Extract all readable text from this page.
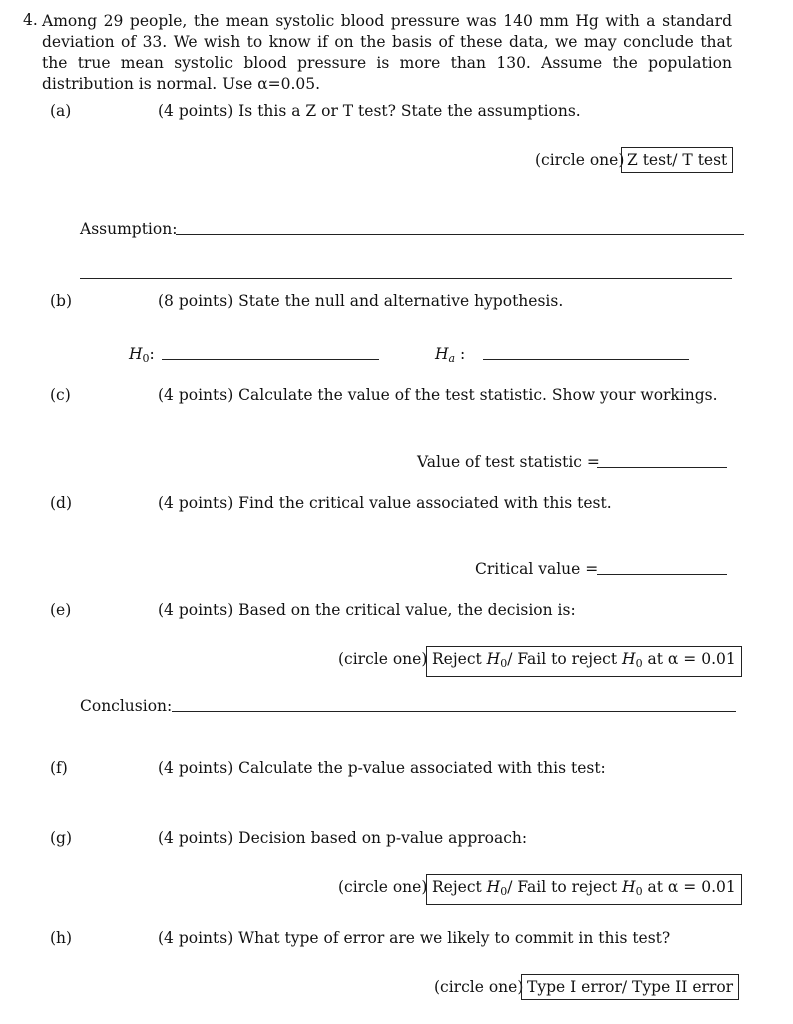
4. Among 29 people, the mean systolic blood pressure was 140 mm Hg with a standard deviation of 33. We wish to know if on the basis of these data, we may conclude that the true mean systolic blood pressure is more than 130. Assume the population distribution is normal. Use α=0.05.
(a)	(4 points) Is this a Z or T test? State the assumptions.
(circle one) Z test/ T test
Assumption:
(b)	(8 points) State the null and alternative hypothesis.
$H_0$:	$H_a$ :
(c)	(4 points) Calculate the value of the test statistic. Show your workings.
Value of test statistic =
(d)	(4 points) Find the critical value associated with this test.
Critical value =
(e)	(4 points) Based on the critical value, the decision is:
(circle one) Reject $H_0/$ Fail to reject $H_0$ at α = 0.01
Conclusion:
(f)	(4 points) Calculate the p-value associated with this test:
(g)	(4 points) Decision based on p-value approach:
(circle one) Reject $H_0/$ Fail to reject $H_0$ at α = 0.01
(h)	(4 points) What type of error are we likely to commit in this test?
(circle one) Type I error/ Type II error
